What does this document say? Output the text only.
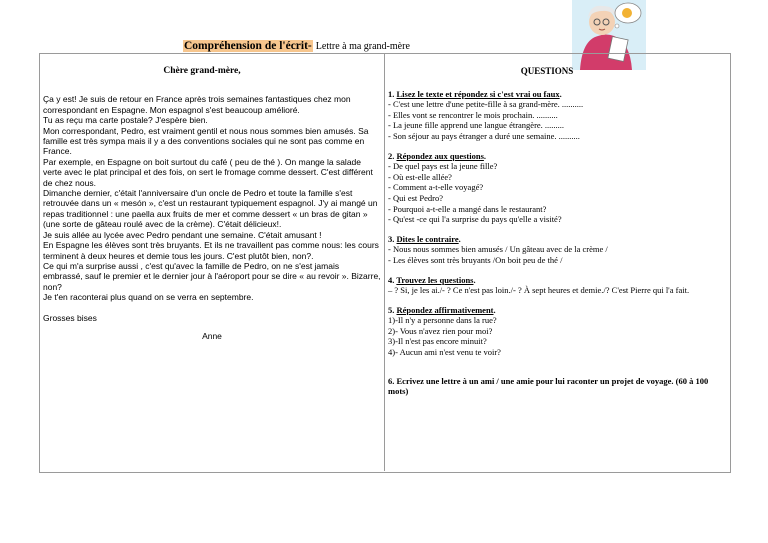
Compréhension de l'écrit- Lettre à ma grand-mère
Chère grand-mère,

Ça y est! Je suis de retour en France après trois semaines fantastiques chez mon correspondant en Espagne. Mon espagnol s'est beaucoup amélioré.

Tu as reçu ma carte postale? J'espère bien.

Mon correspondant, Pedro, est vraiment gentil et nous nous sommes bien amusés. Sa famille est très sympa mais il y a des conventions sociales qui ne sont pas comme en France.

Par exemple, en Espagne on boit surtout du café ( peu de thé ). On mange la salade verte avec le plat principal et des fois, on sert le fromage comme dessert. C'est différent de chez nous.

Dimanche dernier, c'était l'anniversaire d'un oncle de Pedro et toute la famille s'est retrouvée dans un « mesón », c'est un restaurant typiquement espagnol. J'y ai mangé un repas traditionnel : une paella aux fruits de mer et comme dessert « un bras de gitan » (une sorte de gâteau roulé avec de la crème). C'était délicieux!.

Je suis allée au lycée avec Pedro pendant une semaine. C'était amusant !

En Espagne les élèves sont très bruyants. Et ils ne travaillent pas comme nous: les cours terminent à deux heures et demie tous les jours. C'est plutôt bien, non?.

Ce qui m'a surprise aussi , c'est qu'avec la famille de Pedro, on ne s'est jamais embrassé, sauf le premier et le dernier jour à l'aéroport pour se dire « au revoir ». Bizarre, non?

Je t'en raconterai plus quand on se verra en septembre.

Grosses bises

Anne

QUESTIONS

1. Lisez le texte et répondez si c'est vrai ou faux.

- C'est une lettre d'une petite-fille à sa grand-mère. ..........

- Elles vont se rencontrer le mois prochain. ..........

- La jeune fille apprend une langue étrangère. .........

- Son séjour au pays étranger a duré une semaine. ..........

2. Répondez aux questions.

- De quel pays est la jeune fille?

- Où est-elle allée?

- Comment a-t-elle voyagé?

- Qui est Pedro?

- Pourquoi a-t-elle a mangé dans le restaurant?

- Qu'est -ce qui l'a surprise du pays qu'elle a visité?

3. Dites le contraire.

- Nous nous sommes bien amusés / Un gâteau avec de la crème /

- Les élèves sont très bruyants /On boit peu de thé /

4. Trouvez les questions.

– ? Si, je les ai./- ? Ce n'est pas loin./- ? À sept heures et demie./? C'est Pierre qui l'a fait.

5. Répondez affirmativement.

1)-Il n'y a personne dans la rue?

2)- Vous n'avez rien pour moi?

3)-Il n'est pas encore minuit?

4)- Aucun ami n'est venu te voir?

6. Ecrivez une lettre à un ami / une amie pour lui raconter un projet de voyage. (60 à 100 mots)
